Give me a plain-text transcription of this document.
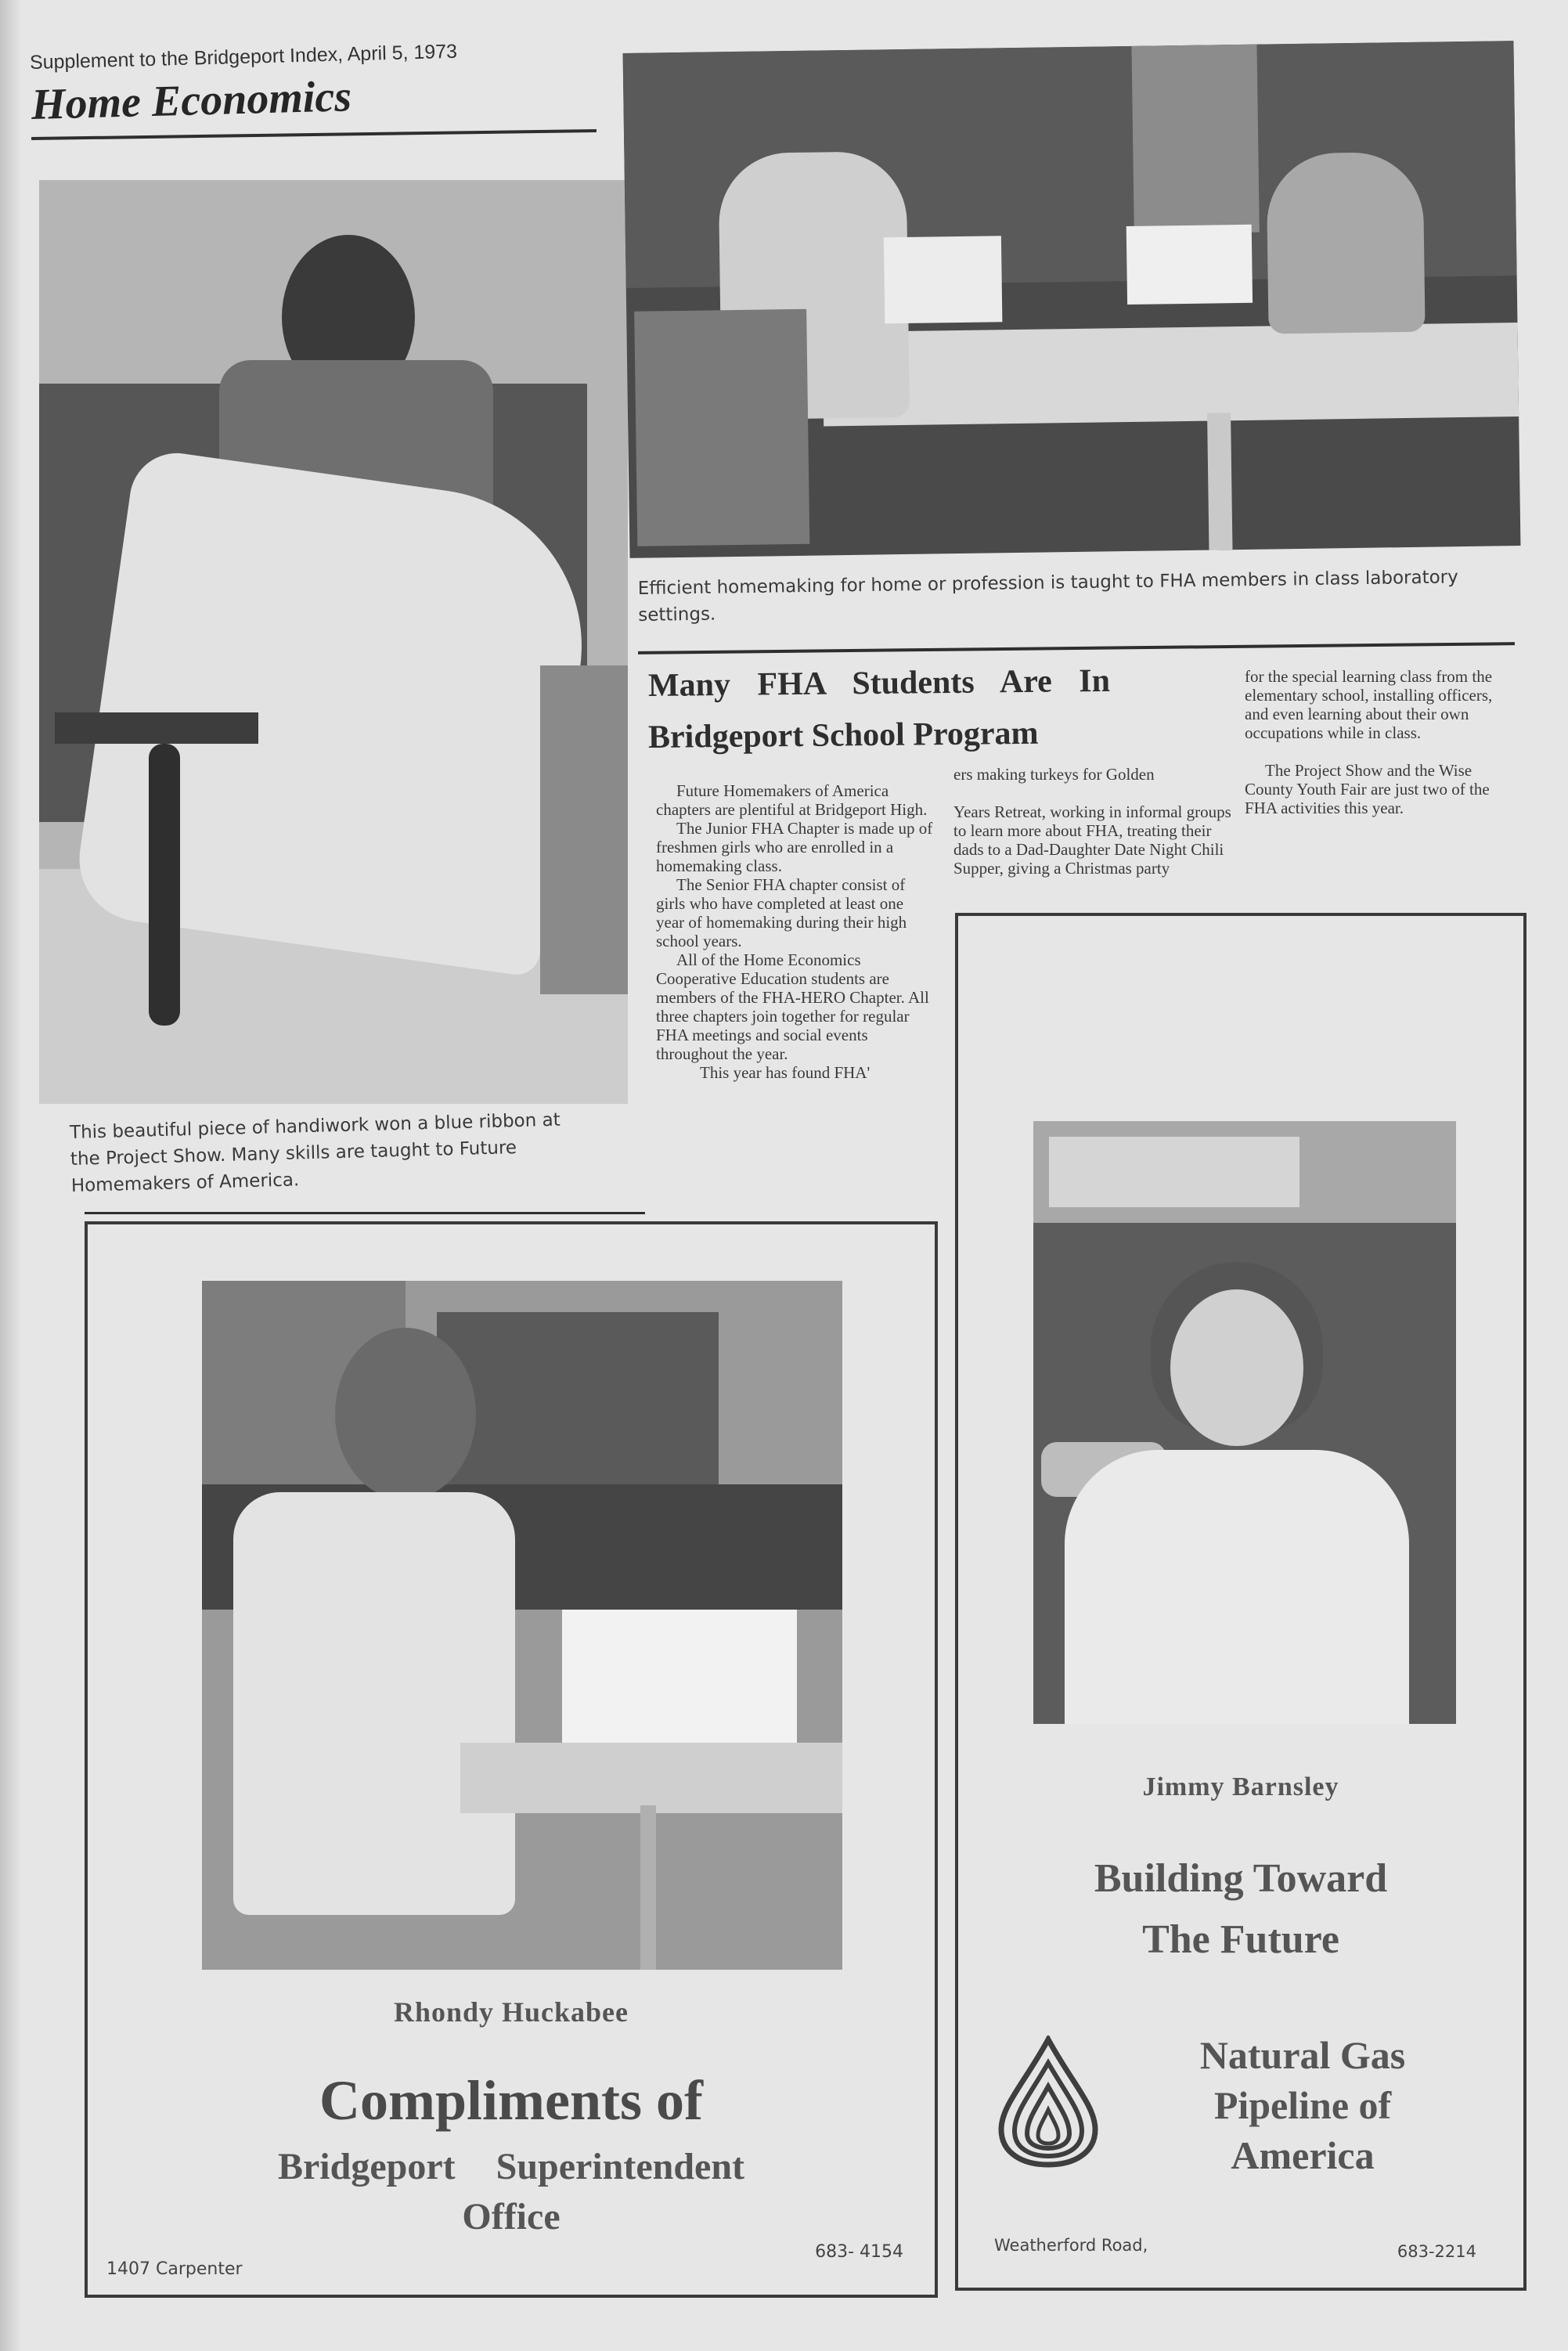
Supplement to the Bridgeport Index, April 5, 1973
Home Economics
This beautiful piece of handiwork won a blue ribbon at the Project Show. Many skills are taught to Future Homemakers of America.
Efficient homemaking for home or profession is taught to FHA members in class laboratory settings.
Many FHA Students Are In
Bridgeport School Program

Future Homemakers of America chapters are plentiful at Bridgeport High.

The Junior FHA Chapter is made up of freshmen girls who are enrolled in a homemaking class.

The Senior FHA chapter consist of girls who have completed at least one year of homemaking during their high school years.

All of the Home Economics Cooperative Education students are members of the FHA-HERO Chapter. All three chapters join together for regular FHA meetings and social events throughout the year.

This year has found FHA'

ers making turkeys for Golden

Years Retreat, working in informal groups to learn more about FHA, treating their dads to a Dad-Daughter Date Night Chili Supper, giving a Christmas party

for the special learning class from the elementary school, installing officers, and even learning about their own occupations while in class.

The Project Show and the Wise County Youth Fair are just two of the FHA activities this year.

Rhondy Huckabee
Compliments of
Bridgeport Superintendent
Office
1407 Carpenter
683- 4154
Jimmy Barnsley
Building Toward
The Future
Natural Gas
Pipeline of
America
Weatherford Road,	683-2214
